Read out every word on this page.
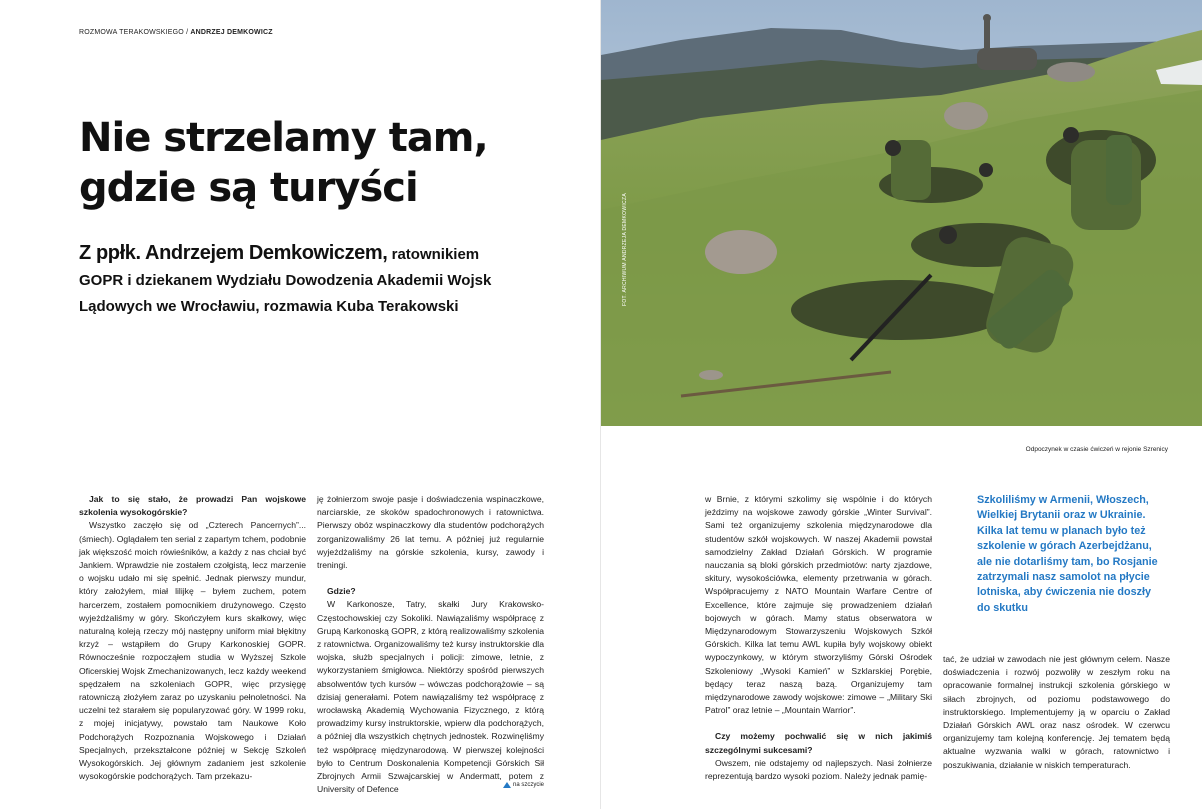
ROZMOWA TERAKOWSKIEGO / ANDRZEJ DEMKOWICZ
Nie strzelamy tam, gdzie są turyści
Z ppłk. Andrzejem Demkowiczem, ratownikiem GOPR i dziekanem Wydziału Dowodzenia Akademii Wojsk Lądowych we Wrocławiu, rozmawia Kuba Terakowski

Jak to się stało, że prowadzi Pan wojskowe szkolenia wysokogórskie?

Wszystko zaczęło się od „Czterech Pancernych”... (śmiech). Oglądałem ten serial z zapartym tchem, podobnie jak większość moich rówieśników, a każdy z nas chciał być Jankiem. Wprawdzie nie zostałem czołgistą, lecz marzenie o wojsku udało mi się spełnić. Jednak pierwszy mundur, który założyłem, miał lilijkę – byłem zuchem, potem harcerzem, zostałem pomocnikiem drużynowego. Często wyjeżdżaliśmy w góry. Skończyłem kurs skałkowy, więc naturalną koleją rzeczy mój następny uniform miał błękitny krzyż – wstąpiłem do Grupy Karkonoskiej GOPR. Równocześnie rozpocząłem studia w Wyższej Szkole Oficerskiej Wojsk Zmechanizowanych, lecz każdy weekend spędzałem na szkoleniach GOPR, więc przysięgę ratowniczą złożyłem zaraz po uzyskaniu pełnoletności. Na uczelni też starałem się popularyzować góry. W 1999 roku, z mojej inicjatywy, powstało tam Naukowe Koło Podchorążych Rozpoznania Wojskowego i Działań Specjalnych, przekształcone później w Sekcję Szkoleń Wysokogórskich. Jej głównym zadaniem jest szkolenie wysokogórskie podchorążych. Tam przekazu-

ję żołnierzom swoje pasje i doświadczenia wspinaczkowe, narciarskie, ze skoków spadochronowych i ratownictwa. Pierwszy obóz wspinaczkowy dla studentów podchorążych zorganizowaliśmy 26 lat temu. A później już regularnie wyjeżdżaliśmy na górskie szkolenia, kursy, zawody i treningi.

Gdzie?

W Karkonosze, Tatry, skałki Jury Krakowsko-Częstochowskiej czy Sokoliki. Nawiązaliśmy współpracę z Grupą Karkonoską GOPR, z którą realizowaliśmy szkolenia z ratownictwa. Organizowaliśmy też kursy instruktorskie dla wojska, służb specjalnych i policji: zimowe, letnie, z wykorzystaniem śmigłowca. Niektórzy spośród pierwszych absolwentów tych kursów – wówczas podchorążowie – są dzisiaj generałami. Potem nawiązaliśmy też współpracę z wrocławską Akademią Wychowania Fizycznego, z którą prowadzimy kursy instruktorskie, wpierw dla podchorążych, a później dla wszystkich chętnych jednostek. Rozwinęliśmy też współpracę międzynarodową. W pierwszej kolejności było to Centrum Doskonalenia Kompetencji Górskich Sił Zbrojnych Armii Szwajcarskiej w Andermatt, potem z University of Defence

FOT. ARCHIWUM ANDRZEJA DEMKOWICZA
Odpoczynek w czasie ćwiczeń w rejonie Szrenicy

w Brnie, z którymi szkolimy się wspólnie i do których jeździmy na wojskowe zawody górskie „Winter Survival”. Sami też organizujemy szkolenia międzynarodowe dla studentów szkół wojskowych. W naszej Akademii powstał samodzielny Zakład Działań Górskich. W programie nauczania są bloki górskich przedmiotów: narty zjazdowe, skitury, wysokościówka, elementy przetrwania w górach. Współpracujemy z NATO Mountain Warfare Centre of Excellence, które zajmuje się prowadzeniem działań bojowych w górach. Mamy status obserwatora w Międzynarodowym Stowarzyszeniu Wojskowych Szkół Górskich. Kilka lat temu AWL kupiła byly wojskowy obiekt wypoczynkowy, w którym stworzyliśmy Górski Ośrodek Szkoleniowy „Wysoki Kamień” w Szklarskiej Porębie, będący teraz naszą bazą. Organizujemy tam międzynarodowe zawody wojskowe: zimowe – „Military Ski Patrol” oraz letnie – „Mountain Warrior”.

Czy możemy pochwalić się w nich jakimiś szczególnymi sukcesami?

Owszem, nie odstajemy od najlepszych. Nasi żołnierze reprezentują bardzo wysoki poziom. Należy jednak pamię-

Szkoliliśmy w Armenii, Włoszech, Wielkiej Brytanii oraz w Ukrainie. Kilka lat temu w planach było też szkolenie w górach Azerbejdżanu, ale nie dotarliśmy tam, bo Rosjanie zatrzymali nasz samolot na płycie lotniska, aby ćwiczenia nie doszły do skutku

tać, że udział w zawodach nie jest głównym celem. Nasze doświadczenia i rozwój pozwoliły w zeszłym roku na opracowanie formalnej instrukcji szkolenia górskiego w siłach zbrojnych, od poziomu podstawowego do instruktorskiego. Implementujemy ją w oparciu o Zakład Działań Górskich AWL oraz nasz ośrodek. W czerwcu organizujemy tam kolejną konferencję. Jej tematem będą aktualne wyzwania walki w górach, ratownictwo i poszukiwania, działanie w niskich temperaturach.

na szczycie
